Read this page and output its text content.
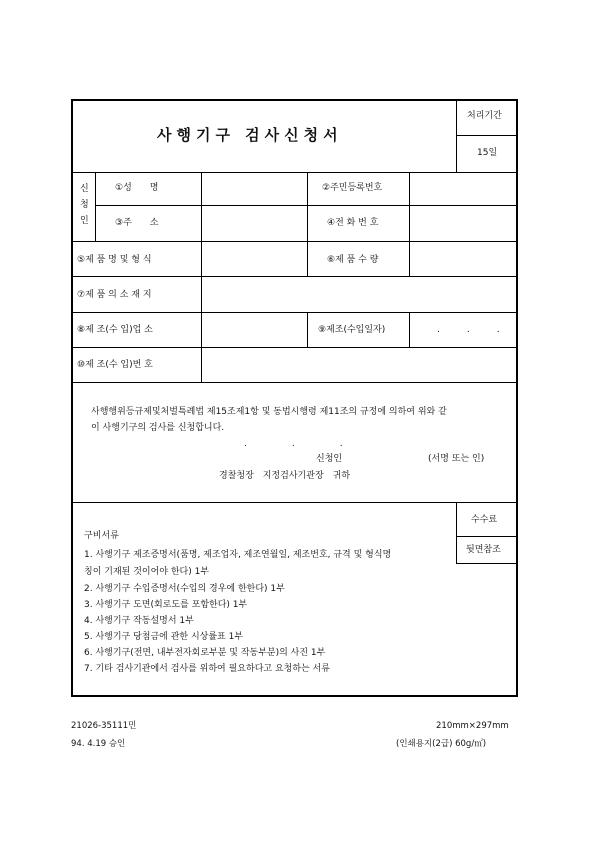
사행기구 검사신청서
처리기간
15일
신
청
인
①성　　명	②주민등록번호
③주　　소	④전 화 번 호
⑤제 품 명 및 형 식	⑥제 품 수 량
⑦제 품 의 소 재 지
⑧제 조(수 입)업 소	⑨제조(수입일자)	.　　　.　　　.
⑩제 조(수 입)번 호
사행행위등규제및처벌특례법 제15조제1항 및 동법시행령 제11조의 규정에 의하여 위와 같
이 사행기구의 검사를 신청합니다.
.　　　　　.　　　　　.
신청인	(서명 또는 인)
경찰청장　지정검사기관장　귀하
수수료
뒷면참조
구비서류
1. 사행기구 제조증명서(품명, 제조업자, 제조연월일, 제조번호, 규격 및 형식명
칭이 기재된 것이어야 한다) 1부
2. 사행기구 수입증명서(수입의 경우에 한한다) 1부
3. 사행기구 도면(회로도를 포함한다) 1부
4. 사행기구 작동설명서 1부
5. 사행기구 당첨금에 관한 시상률표 1부
6. 사행기구(전면, 내부전자회로부분 및 작동부분)의 사진 1부
7. 기타 검사기관에서 검사를 위하여 필요하다고 요청하는 서류
21026-35111민
94. 4.19 승인
210mm×297mm
(인쇄용지(2급) 60g/㎡)
